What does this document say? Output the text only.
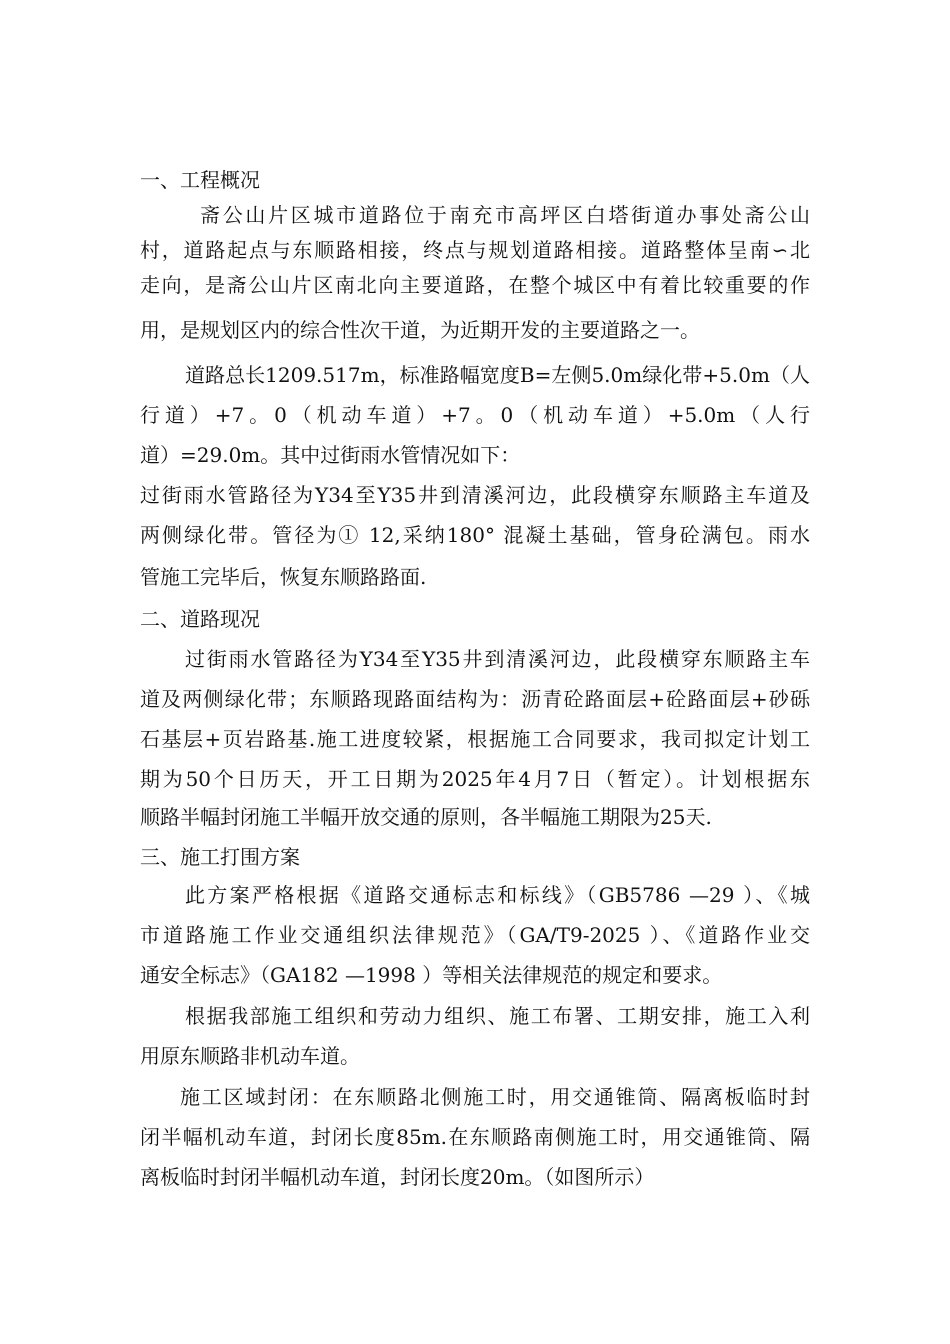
一、工程概况
斋公山片区城市道路位于南充市高坪区白塔街道办事处斋公山
村，道路起点与东顺路相接，终点与规划道路相接。道路整体呈南∽北
走向，是斋公山片区南北向主要道路，在整个城区中有着比较重要的作
用，是规划区内的综合性次干道，为近期开发的主要道路之一。
道路总长1209.517m，标准路幅宽度B=左侧5.0m绿化带+5.0m（人
行道）+7。0（机动车道）+7。0（机动车道）+5.0m（人行
道）=29.0m。其中过街雨水管情况如下：
过街雨水管路径为Y34至Y35井到清溪河边，此段横穿东顺路主车道及
两侧绿化带。管径为① 12,采纳180° 混凝土基础，管身砼满包。雨水
管施工完毕后，恢复东顺路路面.
二、道路现况
过街雨水管路径为Y34至Y35井到清溪河边，此段横穿东顺路主车
道及两侧绿化带；东顺路现路面结构为：沥青砼路面层+砼路面层+砂砾
石基层+页岩路基.施工进度较紧，根据施工合同要求，我司拟定计划工
期为50个日历天，开工日期为2025年4月7日（暂定）。计划根据东
顺路半幅封闭施工半幅开放交通的原则，各半幅施工期限为25天.
三、施工打围方案
此方案严格根据《道路交通标志和标线》（GB5786 —29 ）、《城
市道路施工作业交通组织法律规范》（GA/T9-2025 ）、《道路作业交
通安全标志》（GA182 —1998 ）等相关法律规范的规定和要求。
根据我部施工组织和劳动力组织、施工布署、工期安排，施工入利
用原东顺路非机动车道。
施工区域封闭：在东顺路北侧施工时，用交通锥筒、隔离板临时封
闭半幅机动车道，封闭长度85m.在东顺路南侧施工时，用交通锥筒、隔
离板临时封闭半幅机动车道，封闭长度20m。（如图所示）
